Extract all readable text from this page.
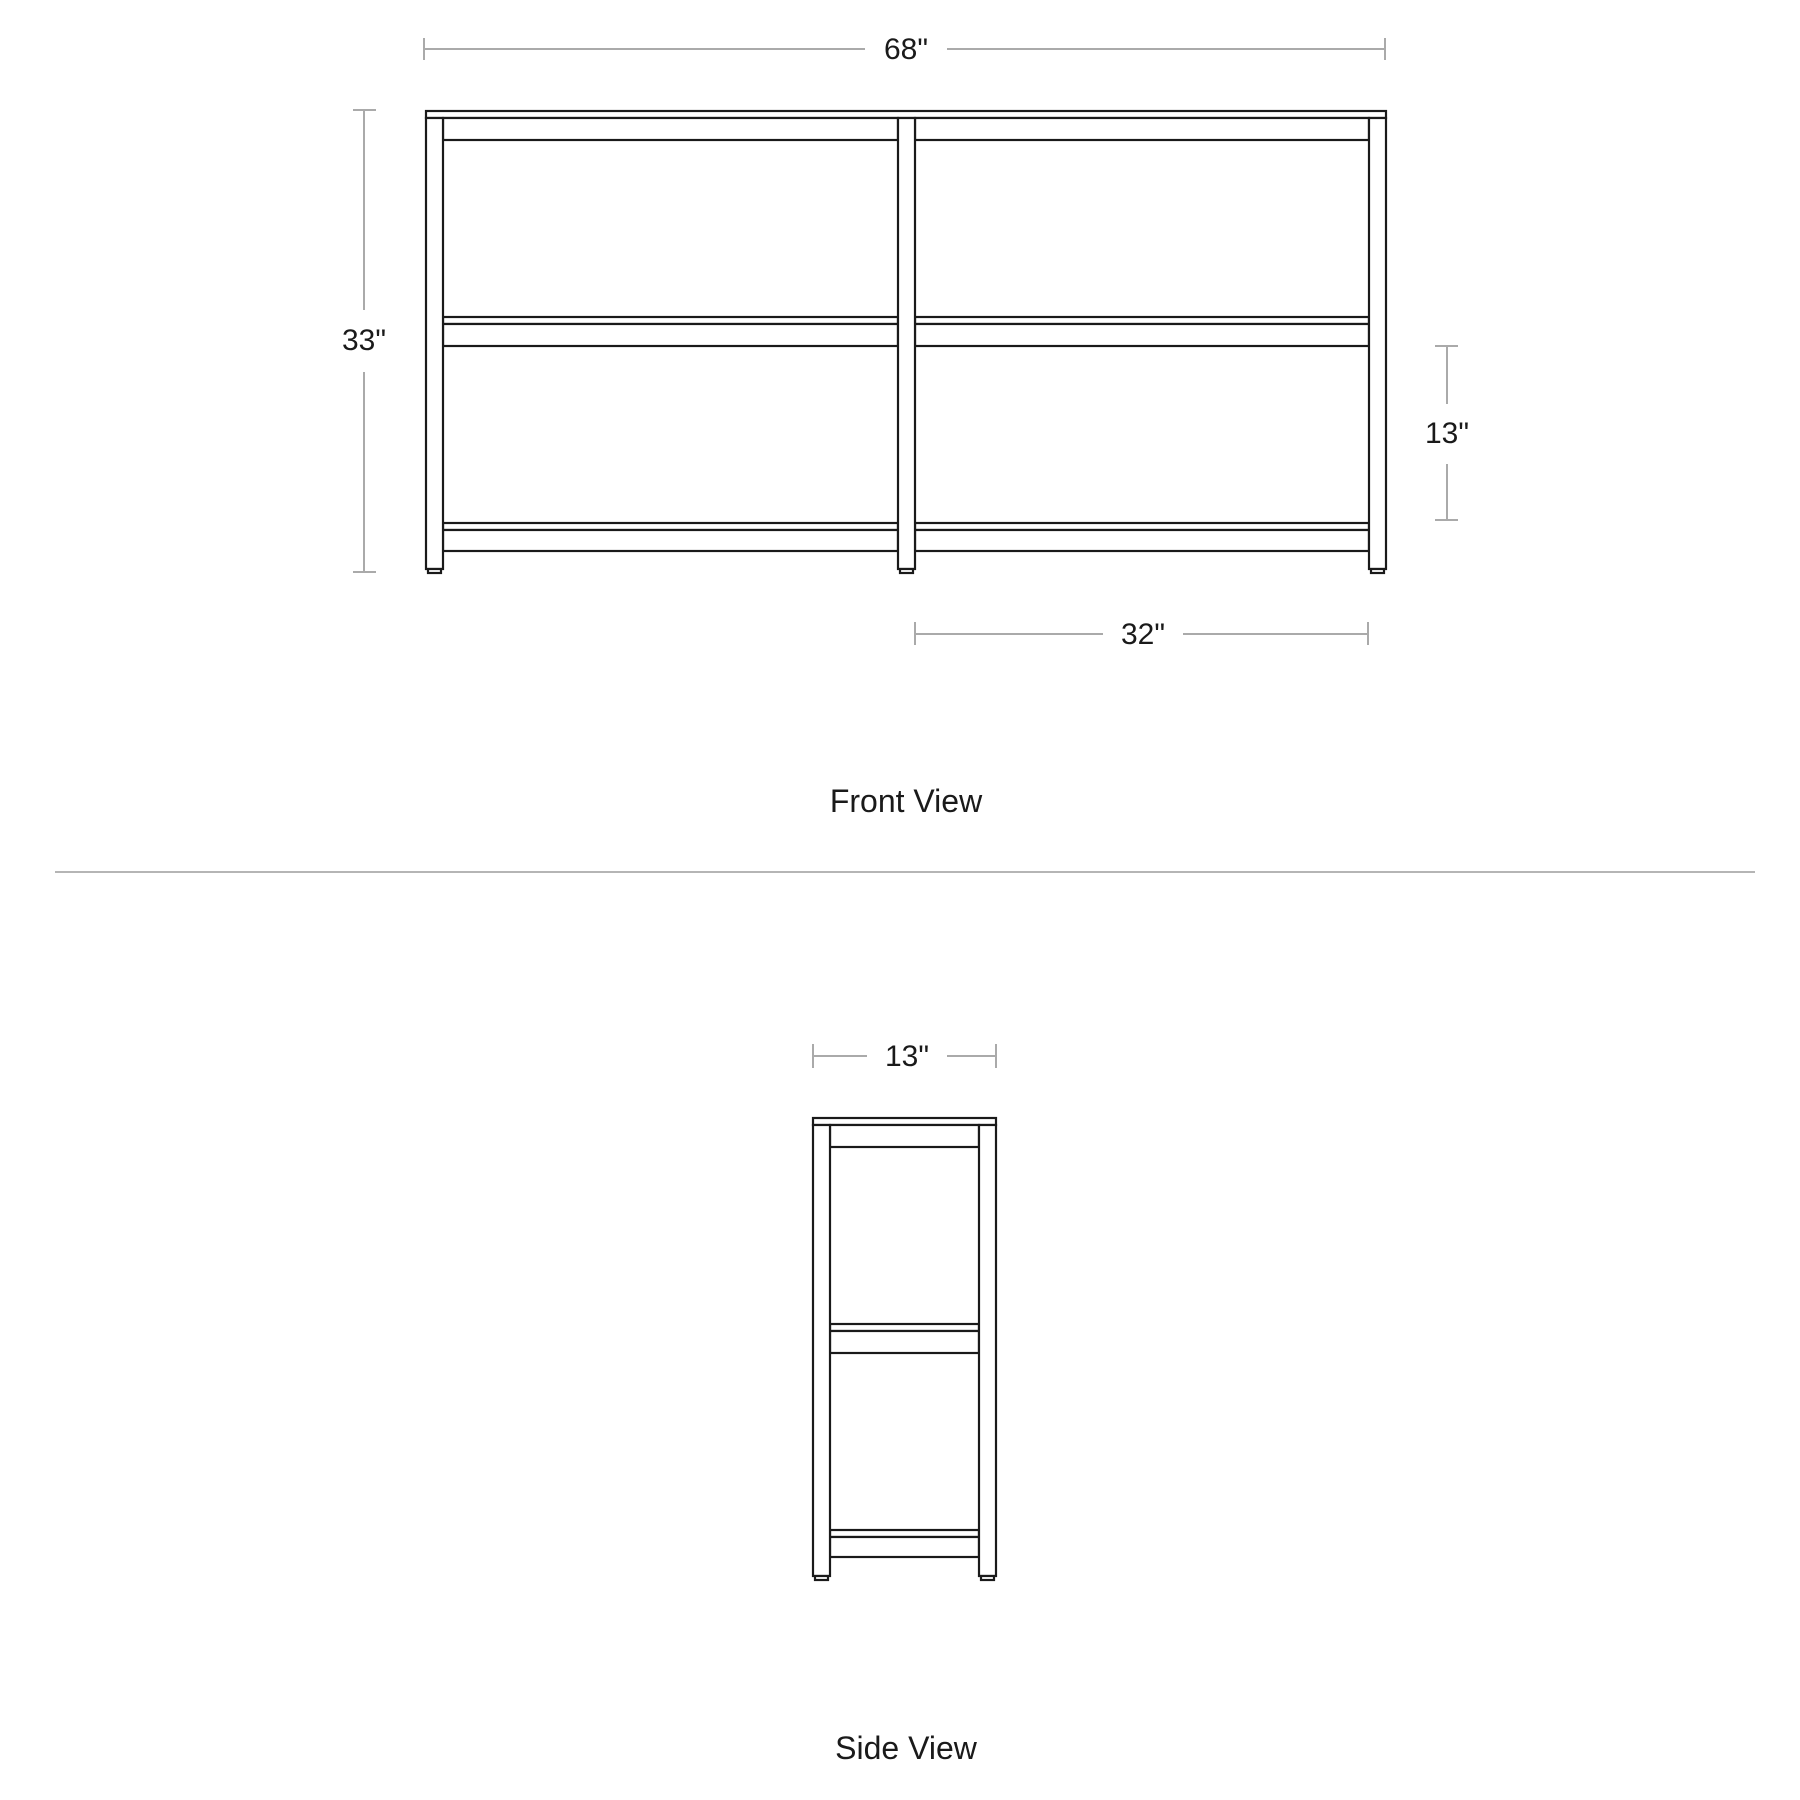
68"
33"
13"
32"
Front View
13"
Side View
